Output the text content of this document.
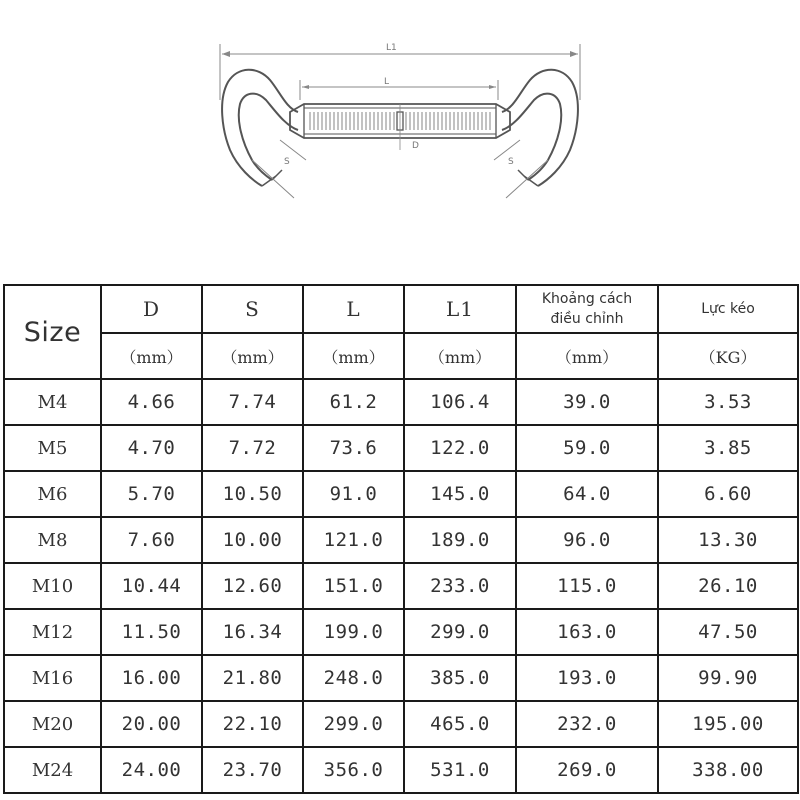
L1
L
D
S	S
Size	D	S	L	L1	Khoảng cách điều chỉnh	Lực kéo
	（mm）	（mm）	（mm）	（mm）	（mm）	（KG）
M4	4.66	7.74	61.2	106.4	39.0	3.53
M5	4.70	7.72	73.6	122.0	59.0	3.85
M6	5.70	10.50	91.0	145.0	64.0	6.60
M8	7.60	10.00	121.0	189.0	96.0	13.30
M10	10.44	12.60	151.0	233.0	115.0	26.10
M12	11.50	16.34	199.0	299.0	163.0	47.50
M16	16.00	21.80	248.0	385.0	193.0	99.90
M20	20.00	22.10	299.0	465.0	232.0	195.00
M24	24.00	23.70	356.0	531.0	269.0	338.00
